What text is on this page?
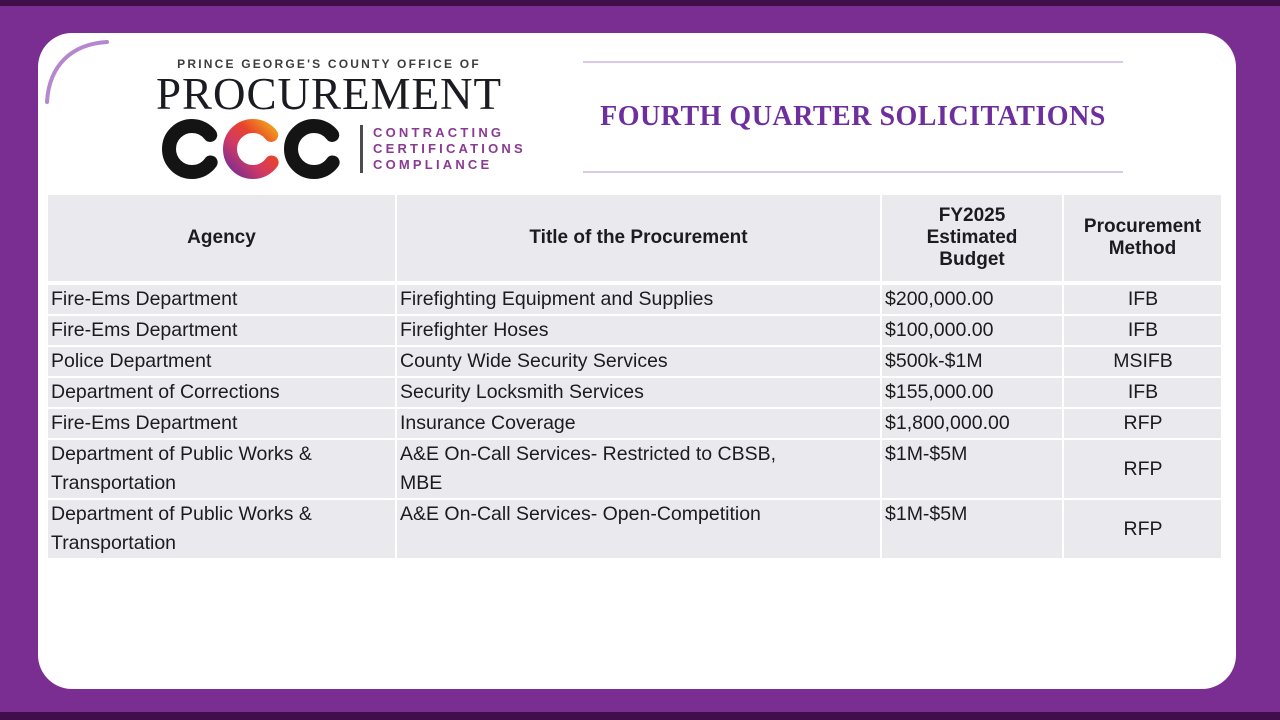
PRINCE GEORGE'S COUNTY OFFICE OF
PROCUREMENT
CONTRACTING
CERTIFICATIONS
COMPLIANCE
FOURTH QUARTER SOLICITATIONS
Agency	Title of the Procurement	FY2025 Estimated Budget	Procurement Method
Fire-Ems Department	Firefighting Equipment and Supplies	$200,000.00	IFB
Fire-Ems Department	Firefighter Hoses	$100,000.00	IFB
Police Department	County Wide Security Services	$500k-$1M	MSIFB
Department of Corrections	Security Locksmith Services	$155,000.00	IFB
Fire-Ems Department	Insurance Coverage	$1,800,000.00	RFP
Department of Public Works & Transportation	A&E On-Call Services- Restricted to CBSB, MBE	$1M-$5M	RFP
Department of Public Works & Transportation	A&E On-Call Services- Open-Competition	$1M-$5M	RFP
